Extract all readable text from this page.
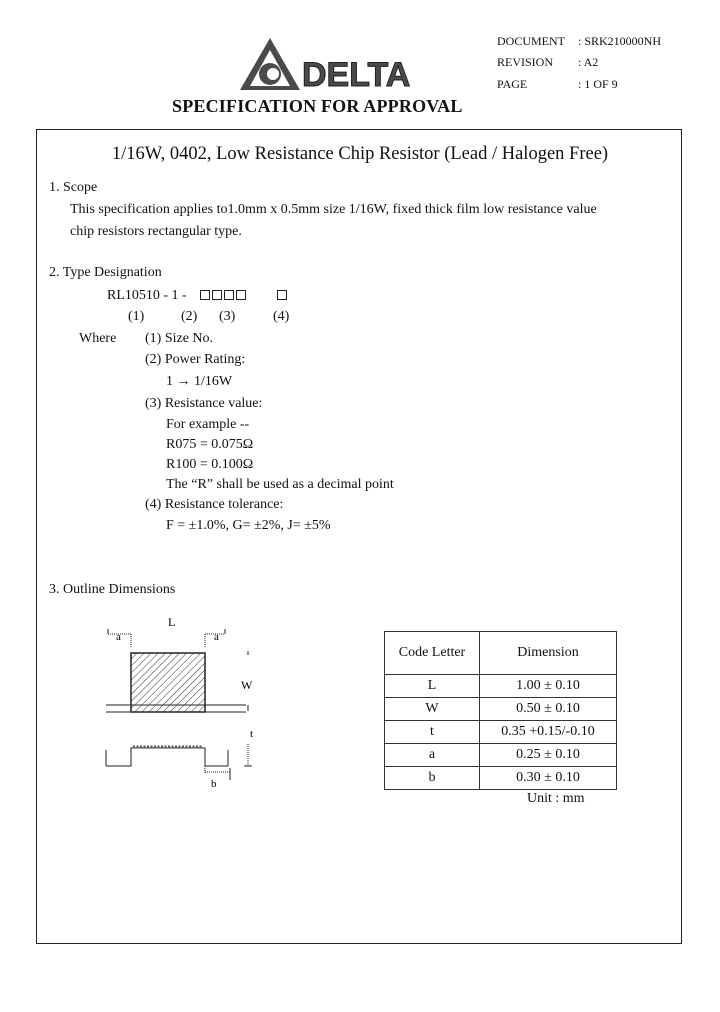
DELTA
SPECIFICATION FOR APPROVAL
DOCUMENT : SRK210000NH
REVISION : A2
PAGE	: 1 OF 9
1/16W, 0402, Low Resistance Chip Resistor (Lead / Halogen Free)
1. Scope
This specification applies to1.0mm x 0.5mm size 1/16W, fixed thick film low resistance value
chip resistors rectangular type.
2. Type Designation
RL10510 - 1 -
(1)	(2) (3)	(4)
Where (1) Size No.
(2) Power Rating:
1 → 1/16W
(3) Resistance value:
For example --
R075 = 0.075Ω
R100 = 0.100Ω
The “R” shall be used as a decimal point
(4) Resistance tolerance:
F = ±1.0%, G= ±2%, J= ±5%
3. Outline Dimensions
a	a
L
W
t
b
Code Letter	Dimension
L	1.00 ± 0.10
W	0.50 ± 0.10
t	0.35 +0.15/-0.10
a	0.25 ± 0.10
b	0.30 ± 0.10
Unit : mm
